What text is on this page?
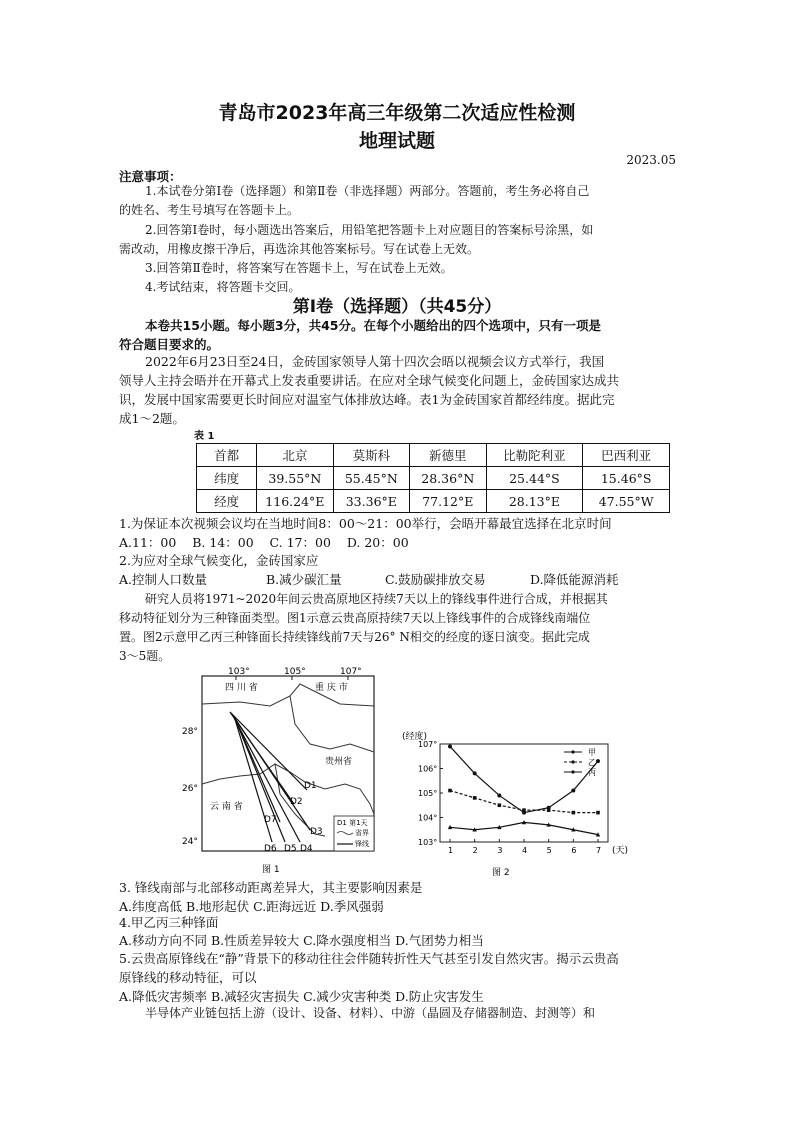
青岛市2023年高三年级第二次适应性检测
地理试题
2023.05
注意事项：
1.本试卷分第Ⅰ卷（选择题）和第Ⅱ卷（非选择题）两部分。答题前，考生务必将自己
的姓名、考生号填写在答题卡上。
2.回答第Ⅰ卷时，每小题选出答案后，用铅笔把答题卡上对应题目的答案标号涂黑，如
需改动，用橡皮擦干净后，再选涂其他答案标号。写在试卷上无效。
3.回答第Ⅱ卷时，将答案写在答题卡上，写在试卷上无效。
4.考试结束，将答题卡交回。
第Ⅰ卷（选择题）（共45分）
本卷共15小题。每小题3分，共45分。在每个小题给出的四个选项中，只有一项是
符合题目要求的。
2022年6月23日至24日，金砖国家领导人第十四次会晤以视频会议方式举行，我国
领导人主持会晤并在开幕式上发表重要讲话。在应对全球气候变化问题上，金砖国家达成共
识，发展中国家需要更长时间应对温室气体排放达峰。表1为金砖国家首都经纬度。据此完
成1～2题。
表 1
首都	北京	莫斯科	新德里	比勒陀利亚	巴西利亚
纬度	39.55°N	55.45°N	28.36°N	25.44°S	15.46°S
经度	116.24°E	33.36°E	77.12°E	28.13°E	47.55°W
1.为保证本次视频会议均在当地时间8：00～21：00举行，会晤开幕最宜选择在北京时间
A.11：00    B. 14：00    C. 17：00    D. 20：00
2.为应对全球气候变化，金砖国家应
A.控制人口数量	B.减少碳汇量	C.鼓励碳排放交易	D.降低能源消耗
研究人员将1971~2020年间云贵高原地区持续7天以上的锋线事件进行合成，并根据其
移动特征划分为三种锋面类型。图1示意云贵高原持续7天以上锋线事件的合成锋线南端位
置。图2示意甲乙丙三种锋面长持续锋线前7天与26° N相交的经度的逐日演变。据此完成
3～5题。
103°	105°	107°
28°
26°
24°
四 川 省	重 庆 市
贵州省
云 南 省
D1
D2
D3
D4
D5
D6
D7	D1 第1天
省界
锋线
图 1
(经度)
(天)
图 2
103°
104°
105°
106°
107°
1 2 3 4 5 6 7
甲
乙
丙
3. 锋线南部与北部移动距离差异大，其主要影响因素是
A.纬度高低 B.地形起伏 C.距海远近 D.季风强弱
4.甲乙丙三种锋面
A.移动方向不同 B.性质差异较大 C.降水强度相当 D.气团势力相当
5.云贵高原锋线在“静”背景下的移动往往会伴随转折性天气甚至引发自然灾害。揭示云贵高
原锋线的移动特征，可以
A.降低灾害频率 B.减轻灾害损失 C.减少灾害种类 D.防止灾害发生
半导体产业链包括上游（设计、设备、材料）、中游（晶圆及存储器制造、封测等）和
